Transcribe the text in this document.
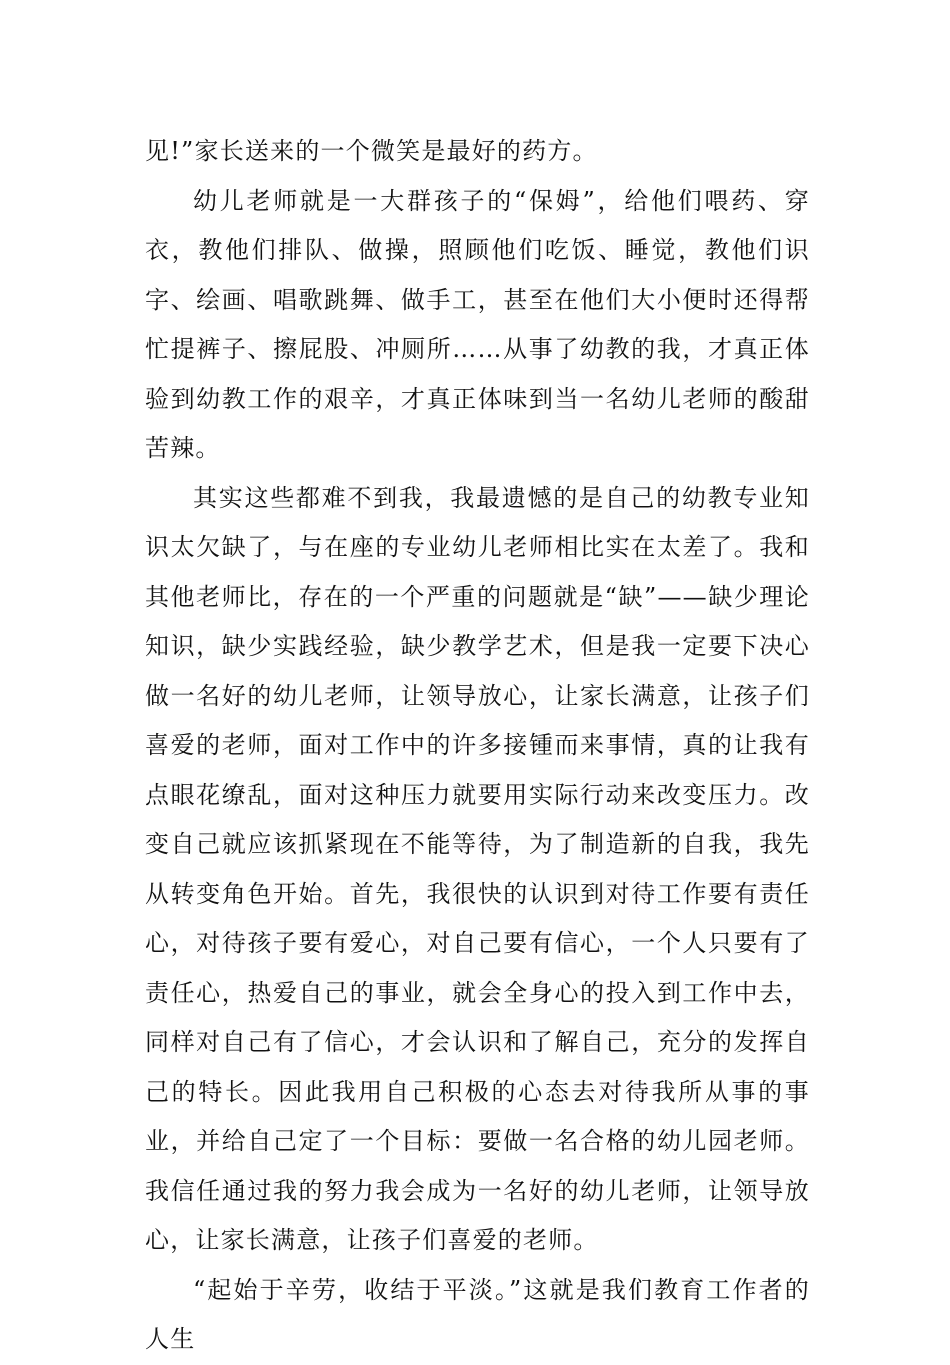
见!”家长送来的一个微笑是最好的药方。

幼儿老师就是一大群孩子的“保姆”，给他们喂药、穿衣，教他们排队、做操，照顾他们吃饭、睡觉，教他们识字、绘画、唱歌跳舞、做手工，甚至在他们大小便时还得帮忙提裤子、擦屁股、冲厕所……从事了幼教的我，才真正体验到幼教工作的艰辛，才真正体味到当一名幼儿老师的酸甜苦辣。

其实这些都难不到我，我最遗憾的是自己的幼教专业知识太欠缺了，与在座的专业幼儿老师相比实在太差了。我和其他老师比，存在的一个严重的问题就是“缺”——缺少理论知识，缺少实践经验，缺少教学艺术，但是我一定要下决心做一名好的幼儿老师，让领导放心，让家长满意，让孩子们喜爱的老师，面对工作中的许多接锺而来事情，真的让我有点眼花缭乱，面对这种压力就要用实际行动来改变压力。改变自己就应该抓紧现在不能等待，为了制造新的自我，我先从转变角色开始。首先，我很快的认识到对待工作要有责任心，对待孩子要有爱心，对自己要有信心，一个人只要有了责任心，热爱自己的事业，就会全身心的投入到工作中去，同样对自己有了信心，才会认识和了解自己，充分的发挥自己的特长。因此我用自己积极的心态去对待我所从事的事业，并给自己定了一个目标：要做一名合格的幼儿园老师。我信任通过我的努力我会成为一名好的幼儿老师，让领导放心，让家长满意，让孩子们喜爱的老师。

“起始于辛劳，收结于平淡。”这就是我们教育工作者的人生
